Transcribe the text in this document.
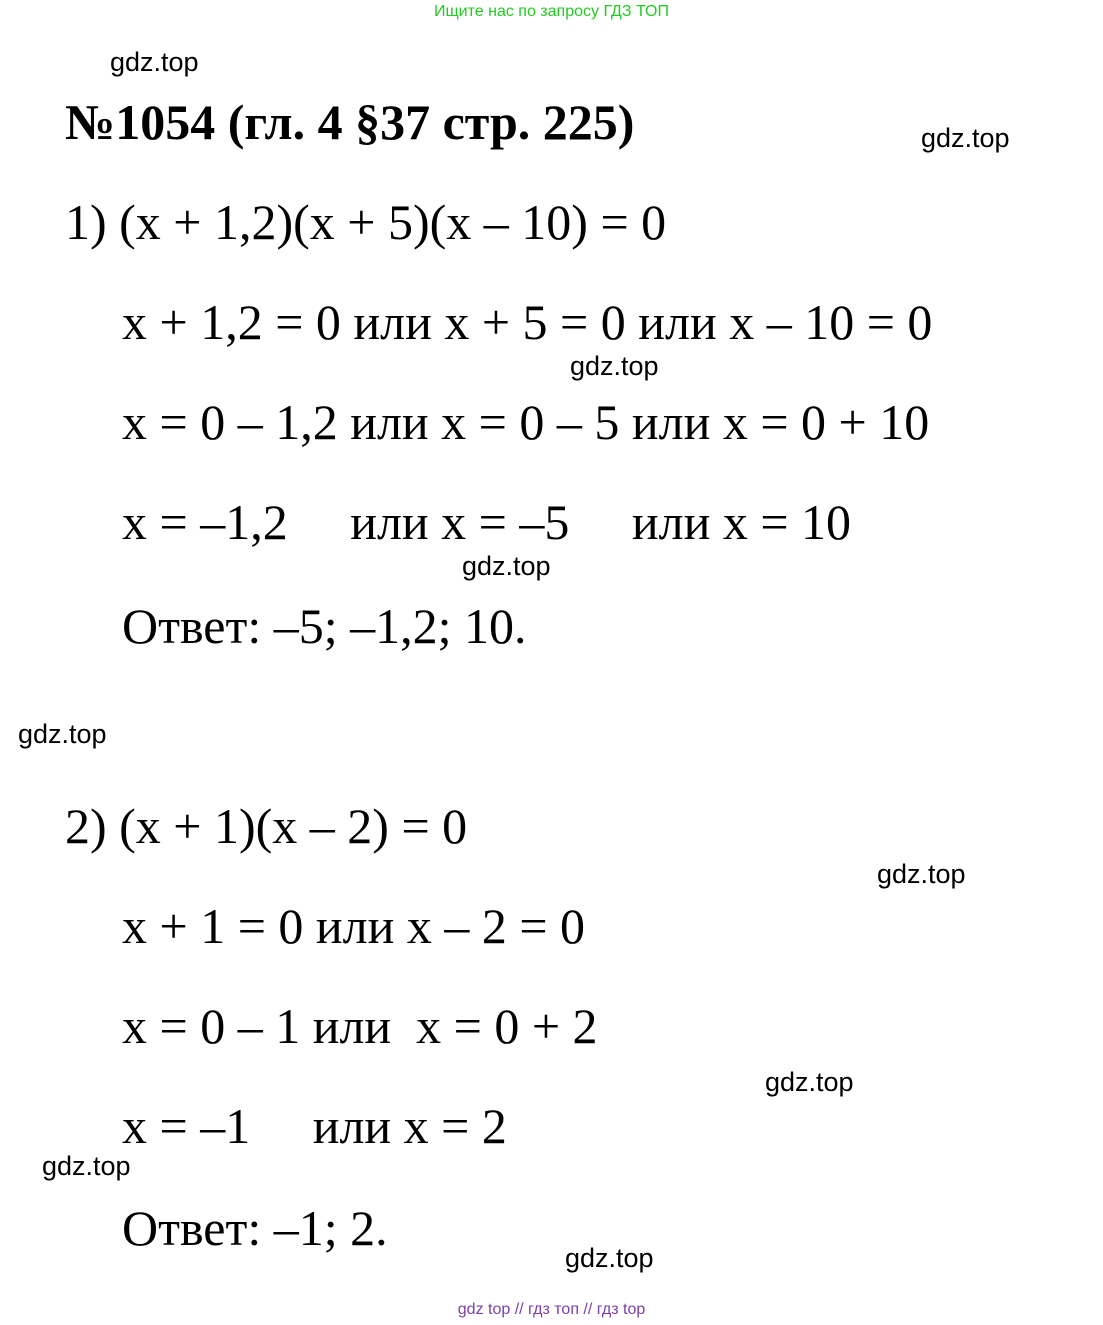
Ищите нас по запросу ГДЗ ТОП
gdz.top
gdz.top
gdz.top
gdz.top
gdz.top
gdz.top
gdz.top
gdz.top
gdz.top
№1054 (гл. 4 §37 стр. 225)
1) (x + 1,2)(x + 5)(x – 10) = 0
x + 1,2 = 0 или x + 5 = 0 или x – 10 = 0
x = 0 – 1,2 или x = 0 – 5 или x = 0 + 10
x = –1,2     или x = –5     или x = 10
Ответ: –5; –1,2; 10.
2) (x + 1)(x – 2) = 0
x + 1 = 0 или x – 2 = 0
x = 0 – 1 или  x = 0 + 2
x = –1     или x = 2
Ответ: –1; 2.
gdz top // гдз топ // гдз top
